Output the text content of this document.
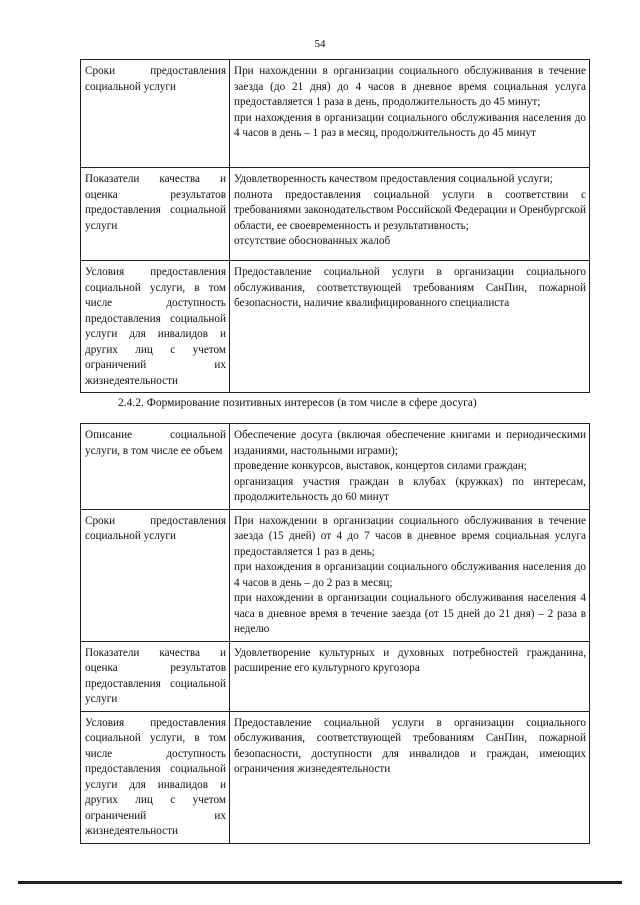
54
Сроки предоставления социальной услуги	При нахождении в организации социального обслуживания в течение заезда (до 21 дня) до 4 часов в дневное время социальная услуга предоставляется 1 раза в день, продолжительность до 45 минут;
при нахождения в организации социального обслуживания населения до 4 часов в день – 1 раз в месяц, продолжительность до 45 минут

Показатели качества и оценка результатов предоставления социальной услуги	Удовлетворенность качеством предоставления социальной услуги;
полнота предоставления социальной услуги в соответствии с требованиями законодательством Российской Федерации и Оренбургской области, ее своевременность и результативность;
отсутствие обоснованных жалоб

Условия предоставления социальной услуги, в том числе доступность предоставления социальной услуги для инвалидов и других лиц с учетом ограничений их жизнедеятельности	Предоставление социальной услуги в организации социального обслуживания, соответствующей требованиям СанПин, пожарной безопасности, наличие квалифицированного специалиста
2.4.2. Формирование позитивных интересов (в том числе в сфере досуга)
Описание социальной услуги, в том числе ее объем	Обеспечение досуга (включая обеспечение книгами и периодическими изданиями, настольными играми);
проведение конкурсов, выставок, концертов силами граждан;
организация участия граждан в клубах (кружках) по интересам, продолжительность до 60 минут

Сроки предоставления социальной услуги	При нахождении в организации социального обслуживания в течение заезда (15 дней) от 4 до 7 часов в дневное время социальная услуга предоставляется 1 раз в день;
при нахождения в организации социального обслуживания населения до 4 часов в день – до 2 раз в месяц;
при нахождении в организации социального обслуживания населения 4 часа в дневное время в течение заезда (от 15 дней до 21 дня) – 2 раза в неделю

Показатели качества и оценка результатов предоставления социальной услуги	Удовлетворение культурных и духовных потребностей гражданина, расширение его культурного кругозора

Условия предоставления социальной услуги, в том числе доступность предоставления социальной услуги для инвалидов и других лиц с учетом ограничений их жизнедеятельности	Предоставление социальной услуги в организации социального обслуживания, соответствующей требованиям СанПин, пожарной безопасности, доступности для инвалидов и граждан, имеющих ограничения жизнедеятельности
